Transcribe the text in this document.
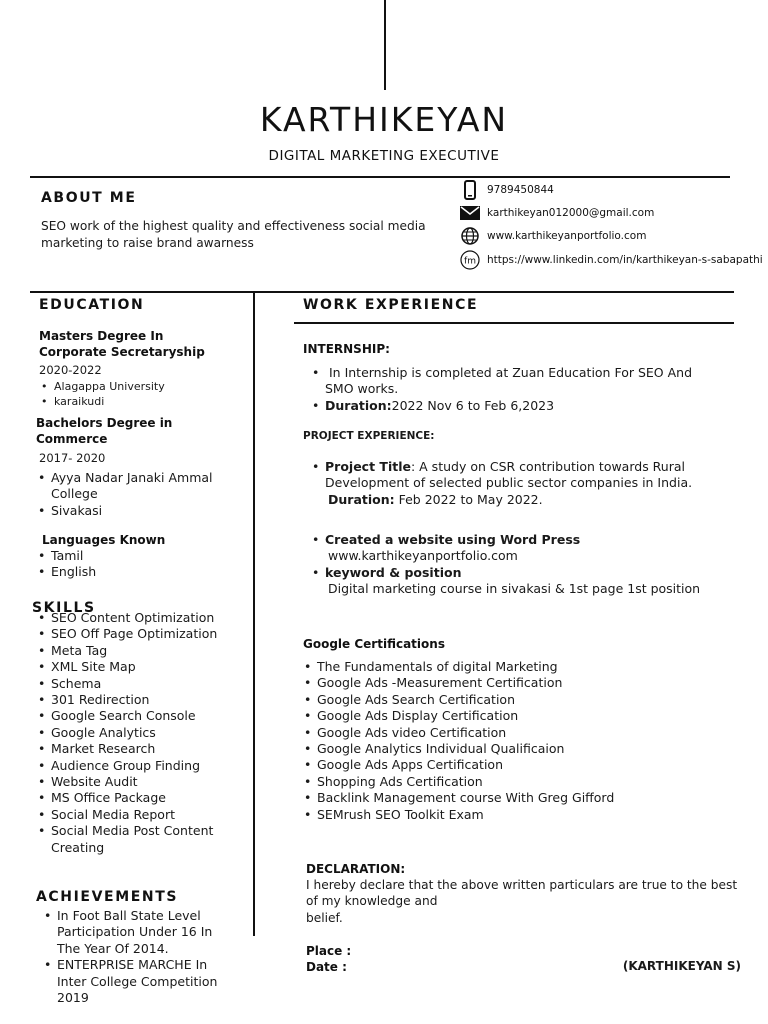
KARTHIKEYAN
DIGITAL MARKETING EXECUTIVE
ABOUT ME
SEO work of the highest quality and effectiveness social media marketing to raise brand awarness
9789450844
karthikeyan012000@gmail.com
www.karthikeyanportfolio.com
fm https://www.linkedin.com/in/karthikeyan-s-sabapathi
EDUCATION
Masters Degree In
Corporate Secretaryship
2020-2022
• Alagappa University
• karaikudi
Bachelors Degree in
Commerce
2017- 2020
• Ayya Nadar Janaki Ammal College
• Sivakasi
Languages Known
• Tamil
• English
SKILLS
• SEO Content Optimization
• SEO Off Page Optimization
• Meta Tag
• XML Site Map
• Schema
• 301 Redirection
• Google Search Console
• Google Analytics
• Market Research
• Audience Group Finding
• Website Audit
• MS Office Package
• Social Media Report
• Social Media Post Content Creating
ACHIEVEMENTS
• In Foot Ball State Level Participation Under 16 In The Year Of 2014.
• ENTERPRISE MARCHE In Inter College Competition 2019
WORK EXPERIENCE
INTERNSHIP:
• In Internship is completed at Zuan Education For SEO And SMO works.
• Duration:2022 Nov 6 to Feb 6,2023
PROJECT EXPERIENCE:
• Project Title: A study on CSR contribution towards Rural Development of selected public sector companies in India.
Duration: Feb 2022 to May 2022.
• Created a website using Word Press
www.karthikeyanportfolio.com
• keyword & position
Digital marketing course in sivakasi & 1st page 1st position
Google Certifications
• The Fundamentals of digital Marketing
• Google Ads -Measurement Certification
• Google Ads Search Certification
• Google Ads Display Certification
• Google Ads video Certification
• Google Analytics Individual Qualificaion
• Google Ads Apps Certification
• Shopping Ads Certification
• Backlink Management course With Greg Gifford
• SEMrush SEO Toolkit Exam
DECLARATION:
I hereby declare that the above written particulars are true to the best
of my knowledge and
belief.
Place :
Date :	(KARTHIKEYAN S)
